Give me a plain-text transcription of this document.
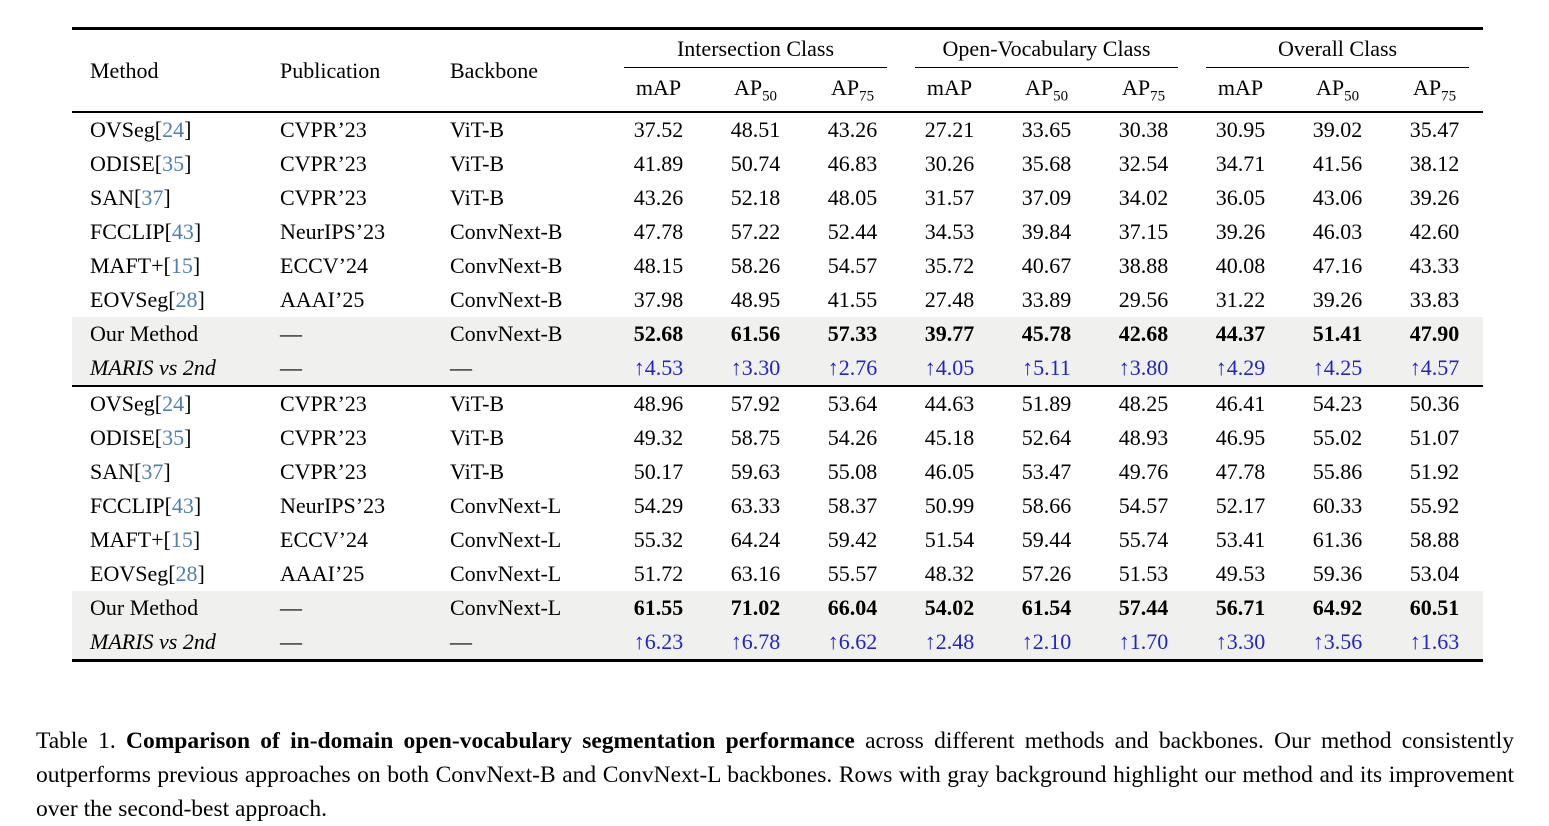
Method	Publication	Backbone	Intersection Class			Open-Vocabulary Class			Overall Class		

			mAP	$AP_{50}$	$AP_{75}$	mAP	$AP_{50}$	$AP_{75}$	mAP	$AP_{50}$	$AP_{75}$
OVSeg[24]	CVPR’23	ViT-B	37.52	48.51	43.26	27.21	33.65	30.38	30.95	39.02	35.47
ODISE[35]	CVPR’23	ViT-B	41.89	50.74	46.83	30.26	35.68	32.54	34.71	41.56	38.12
SAN[37]	CVPR’23	ViT-B	43.26	52.18	48.05	31.57	37.09	34.02	36.05	43.06	39.26
FCCLIP[43]	NeurIPS’23	ConvNext-B	47.78	57.22	52.44	34.53	39.84	37.15	39.26	46.03	42.60
MAFT+[15]	ECCV’24	ConvNext-B	48.15	58.26	54.57	35.72	40.67	38.88	40.08	47.16	43.33
EOVSeg[28]	AAAI’25	ConvNext-B	37.98	48.95	41.55	27.48	33.89	29.56	31.22	39.26	33.83
Our Method	—	ConvNext-B	52.68	61.56	57.33	39.77	45.78	42.68	44.37	51.41	47.90
MARIS vs 2nd	—	—	↑4.53	↑3.30	↑2.76	↑4.05	↑5.11	↑3.80	↑4.29	↑4.25	↑4.57
OVSeg[24]	CVPR’23	ViT-B	48.96	57.92	53.64	44.63	51.89	48.25	46.41	54.23	50.36
ODISE[35]	CVPR’23	ViT-B	49.32	58.75	54.26	45.18	52.64	48.93	46.95	55.02	51.07
SAN[37]	CVPR’23	ViT-B	50.17	59.63	55.08	46.05	53.47	49.76	47.78	55.86	51.92
FCCLIP[43]	NeurIPS’23	ConvNext-L	54.29	63.33	58.37	50.99	58.66	54.57	52.17	60.33	55.92
MAFT+[15]	ECCV’24	ConvNext-L	55.32	64.24	59.42	51.54	59.44	55.74	53.41	61.36	58.88
EOVSeg[28]	AAAI’25	ConvNext-L	51.72	63.16	55.57	48.32	57.26	51.53	49.53	59.36	53.04
Our Method	—	ConvNext-L	61.55	71.02	66.04	54.02	61.54	57.44	56.71	64.92	60.51
MARIS vs 2nd	—	—	↑6.23	↑6.78	↑6.62	↑2.48	↑2.10	↑1.70	↑3.30	↑3.56	↑1.63

Table 1. Comparison of in-domain open-vocabulary segmentation performance across different methods and backbones. Our method consistently outperforms previous approaches on both ConvNext-B and ConvNext-L backbones. Rows with gray background highlight our method and its improvement over the second-best approach.
